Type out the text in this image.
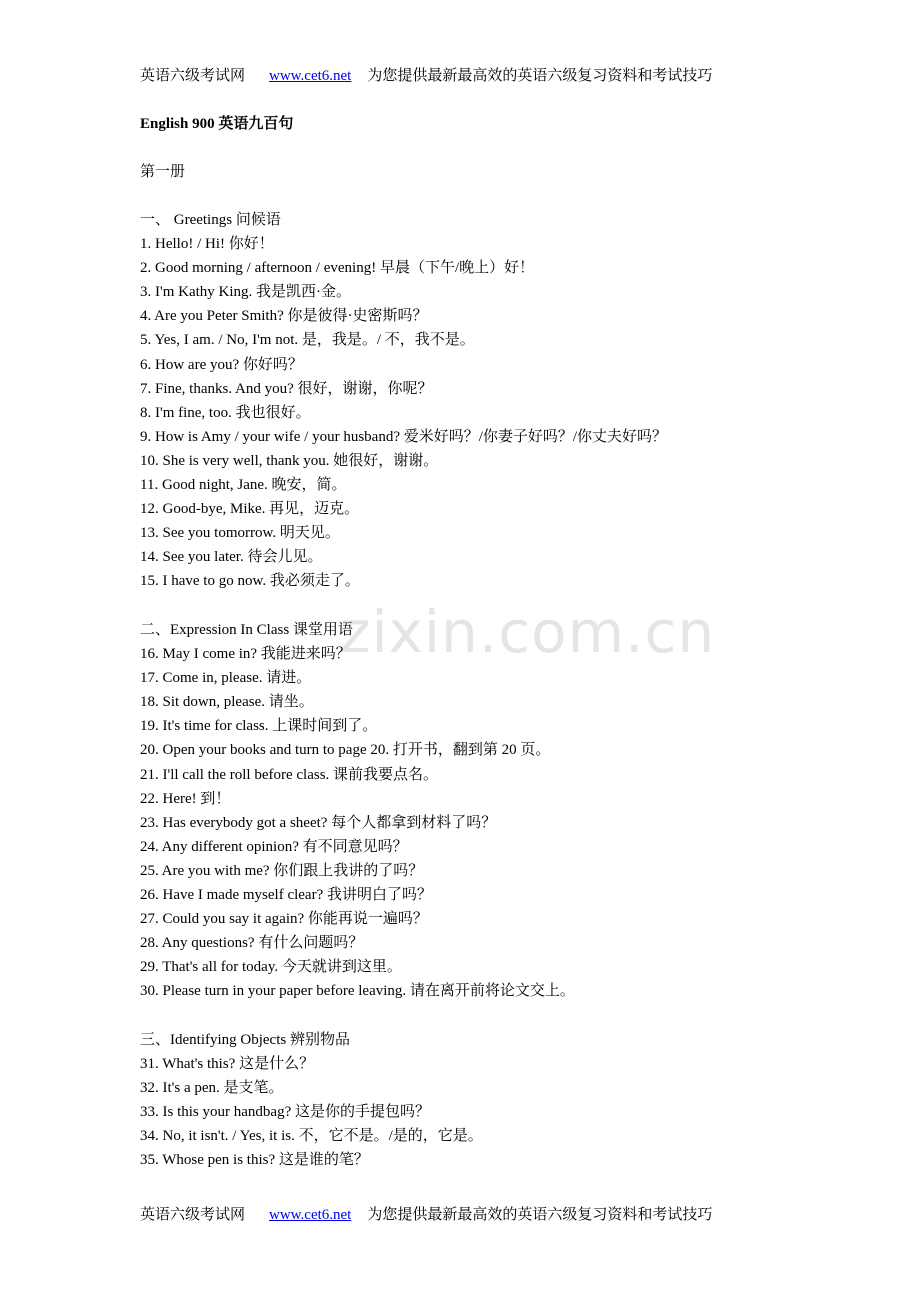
英语六级考试网 www.cet6.net 为您提供最新最高效的英语六级复习资料和考试技巧
English 900 英语九百句
第一册
一、 Greetings 问候语
1. Hello! / Hi! 你好！
2. Good morning / afternoon / evening! 早晨（下午/晚上）好！
3. I'm Kathy King. 我是凯西·金。
4. Are you Peter Smith? 你是彼得·史密斯吗？
5. Yes, I am. / No, I'm not. 是，我是。/ 不，我不是。
6. How are you? 你好吗？
7. Fine, thanks. And you? 很好，谢谢，你呢？
8. I'm fine, too. 我也很好。
9. How is Amy / your wife / your husband? 爱米好吗？/你妻子好吗？/你丈夫好吗？
10. She is very well, thank you. 她很好，谢谢。
11. Good night, Jane. 晚安，简。
12. Good-bye, Mike. 再见，迈克。
13. See you tomorrow. 明天见。
14. See you later. 待会儿见。
15. I have to go now. 我必须走了。
二、Expression In Class 课堂用语
16. May I come in? 我能进来吗？
17. Come in, please. 请进。
18. Sit down, please. 请坐。
19. It's time for class. 上课时间到了。
20. Open your books and turn to page 20. 打开书，翻到第 20 页。
21. I'll call the roll before class. 课前我要点名。
22. Here! 到！
23. Has everybody got a sheet? 每个人都拿到材料了吗？
24. Any different opinion? 有不同意见吗？
25. Are you with me? 你们跟上我讲的了吗？
26. Have I made myself clear? 我讲明白了吗？
27. Could you say it again? 你能再说一遍吗？
28. Any questions? 有什么问题吗？
29. That's all for today. 今天就讲到这里。
30. Please turn in your paper before leaving. 请在离开前将论文交上。
三、Identifying Objects 辨别物品
31. What's this? 这是什么？
32. It's a pen. 是支笔。
33. Is this your handbag? 这是你的手提包吗？
34. No, it isn't. / Yes, it is. 不，它不是。/是的，它是。
35. Whose pen is this? 这是谁的笔？
zixin.com.cn
英语六级考试网 www.cet6.net 为您提供最新最高效的英语六级复习资料和考试技巧
